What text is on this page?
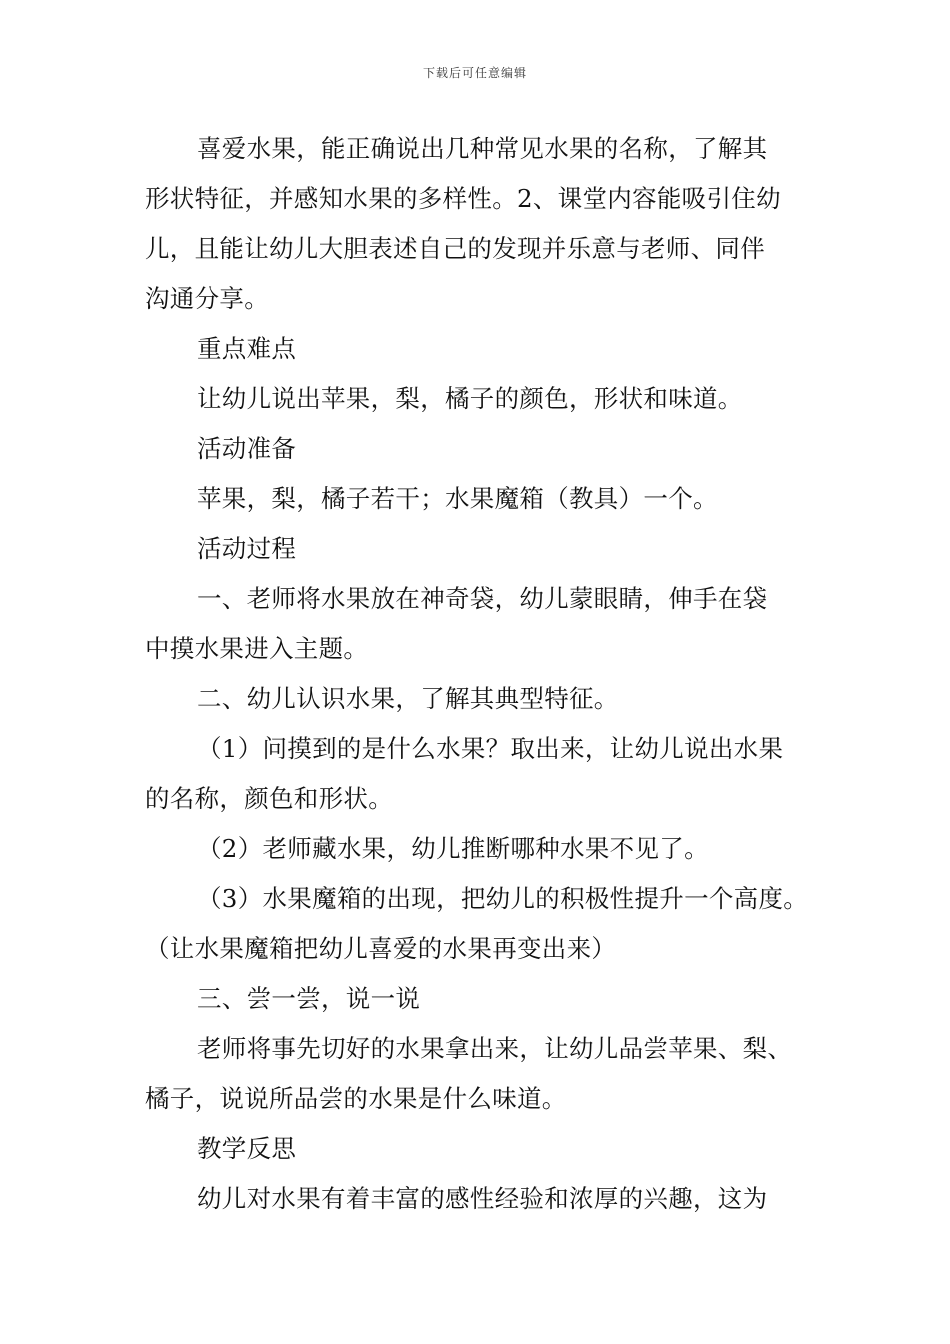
下载后可任意编辑
喜爱水果，能正确说出几种常见水果的名称，了解其
形状特征，并感知水果的多样性。2、课堂内容能吸引住幼
儿，且能让幼儿大胆表述自己的发现并乐意与老师、同伴
沟通分享。
重点难点
让幼儿说出苹果，梨，橘子的颜色，形状和味道。
活动准备
苹果，梨，橘子若干；水果魔箱（教具）一个。
活动过程
一、老师将水果放在神奇袋，幼儿蒙眼睛，伸手在袋
中摸水果进入主题。
二、幼儿认识水果，了解其典型特征。
（1）问摸到的是什么水果？取出来，让幼儿说出水果
的名称，颜色和形状。
（2）老师藏水果，幼儿推断哪种水果不见了。
（3）水果魔箱的出现，把幼儿的积极性提升一个高度。
（让水果魔箱把幼儿喜爱的水果再变出来）
三、尝一尝，说一说
老师将事先切好的水果拿出来，让幼儿品尝苹果、梨、
橘子，说说所品尝的水果是什么味道。
教学反思
幼儿对水果有着丰富的感性经验和浓厚的兴趣，这为
